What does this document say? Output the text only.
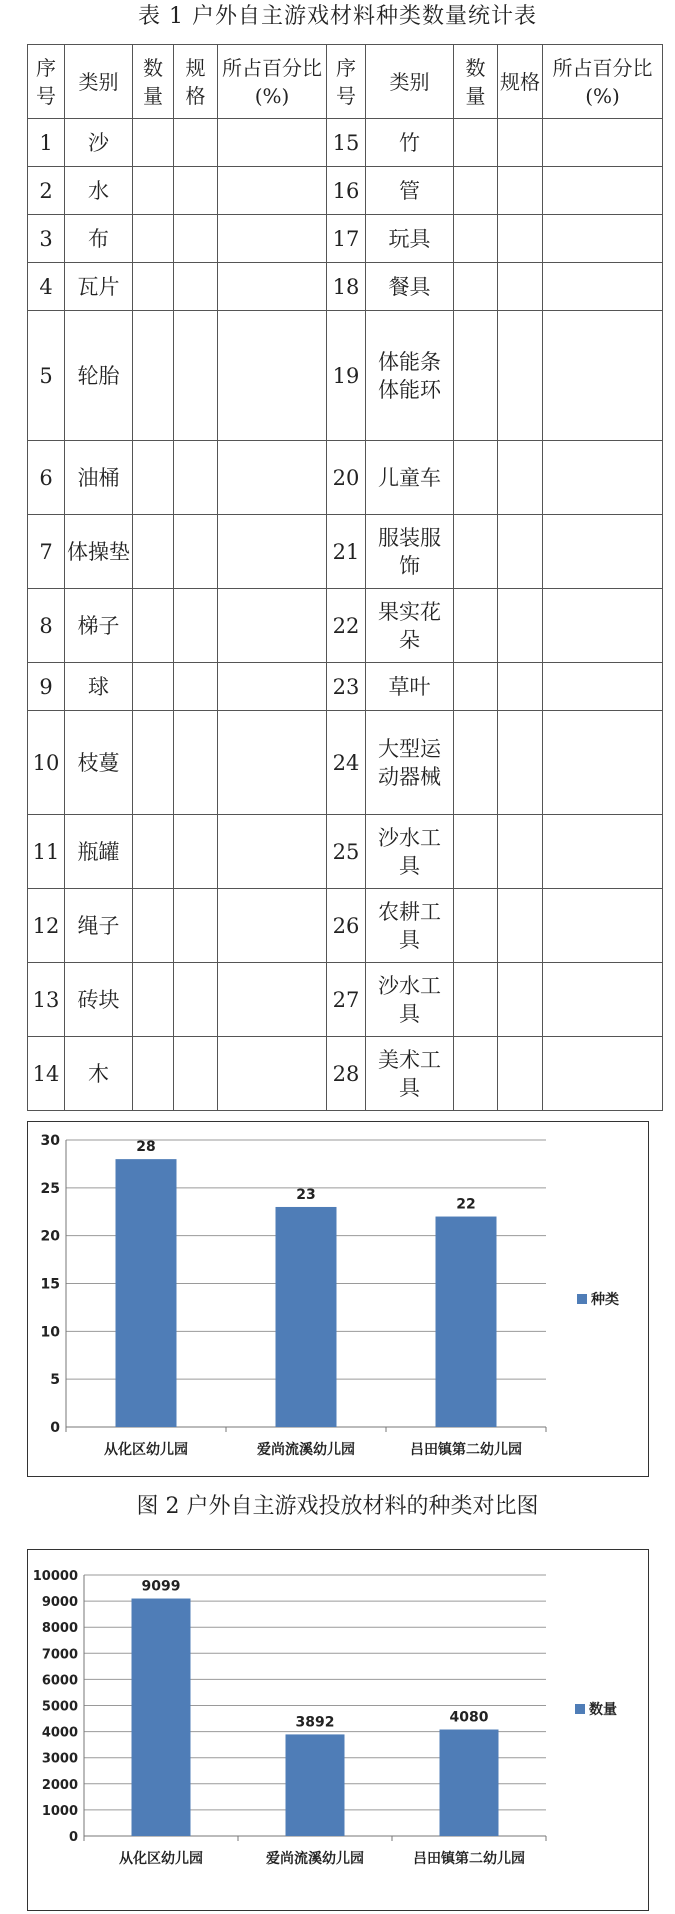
表 1 户外自主游戏材料种类数量统计表
序号	类别	数量	规格	所占百分比(%)	序号	类别	数量	规格	所占百分比(%)
1	沙				15	竹			
2	水				16	管			
3	布				17	玩具			
4	瓦片				18	餐具			
5	轮胎				19	体能条体能环			
6	油桶				20	儿童车			
7	体操垫				21	服装服饰			
8	梯子				22	果实花朵			
9	球				23	草叶			
10	枝蔓				24	大型运动器械			
11	瓶罐				25	沙水工具			
12	绳子				26	农耕工具			
13	砖块				27	沙水工具			
14	木				28	美术工具			
0
5
10
15
20
25
30	28
从化区幼儿园
23
爱尚流溪幼儿园
22
吕田镇第二幼儿园
种类
图 2 户外自主游戏投放材料的种类对比图
0
1000
2000
3000
4000
5000
6000
7000
8000
9000
10000
9099
从化区幼儿园
3892
爱尚流溪幼儿园
4080
吕田镇第二幼儿园
数量
